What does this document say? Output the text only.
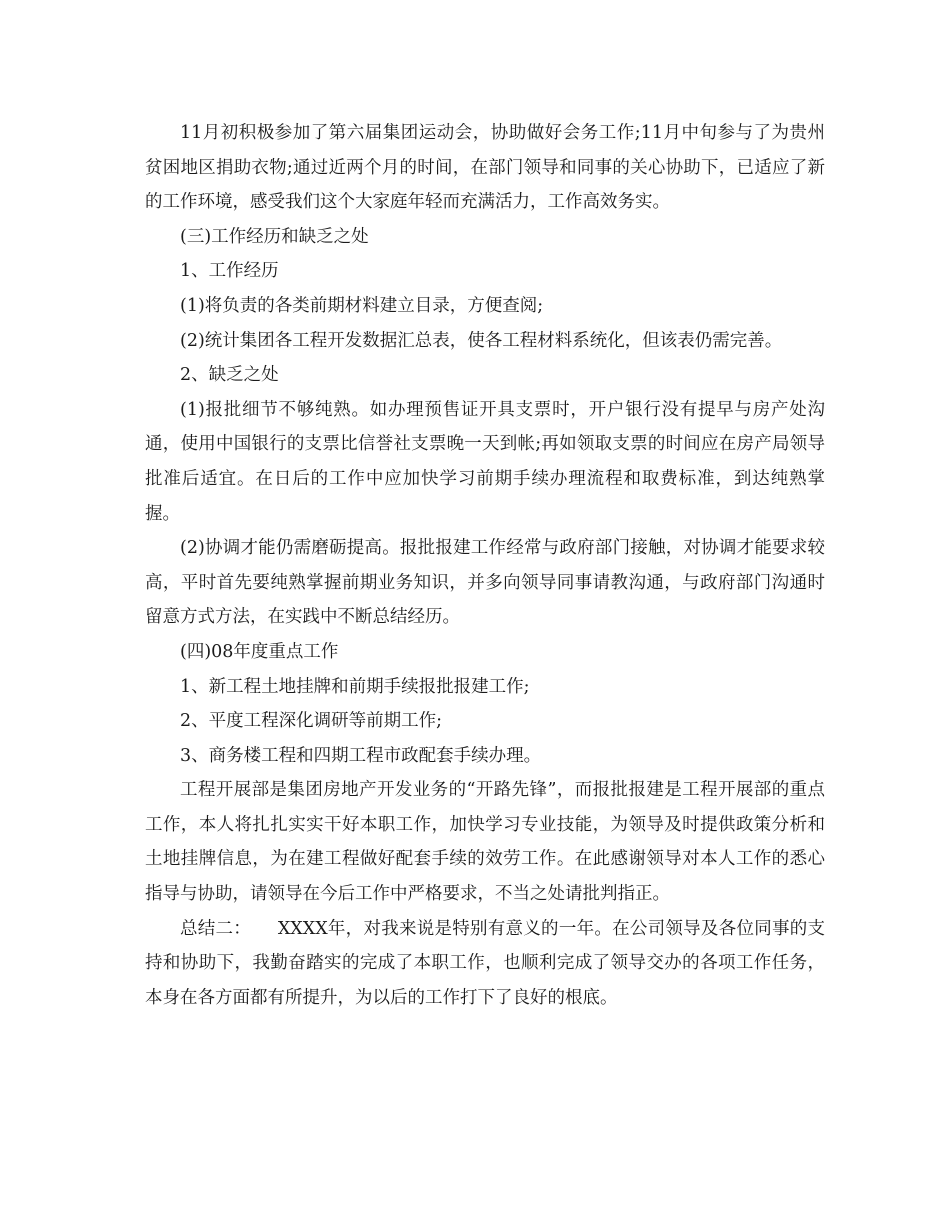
11月初积极参加了第六届集团运动会，协助做好会务工作;11月中旬参与了为贵州贫困地区捐助衣物;通过近两个月的时间，在部门领导和同事的关心协助下，已适应了新的工作环境，感受我们这个大家庭年轻而充满活力，工作高效务实。

(三)工作经历和缺乏之处

1、工作经历

(1)将负责的各类前期材料建立目录，方便查阅;

(2)统计集团各工程开发数据汇总表，使各工程材料系统化，但该表仍需完善。

2、缺乏之处

(1)报批细节不够纯熟。如办理预售证开具支票时，开户银行没有提早与房产处沟通，使用中国银行的支票比信誉社支票晚一天到帐;再如领取支票的时间应在房产局领导批准后适宜。在日后的工作中应加快学习前期手续办理流程和取费标准，到达纯熟掌握。

(2)协调才能仍需磨砺提高。报批报建工作经常与政府部门接触，对协调才能要求较高，平时首先要纯熟掌握前期业务知识，并多向领导同事请教沟通，与政府部门沟通时留意方式方法，在实践中不断总结经历。

(四)08年度重点工作

1、新工程土地挂牌和前期手续报批报建工作;

2、平度工程深化调研等前期工作;

3、商务楼工程和四期工程市政配套手续办理。

工程开展部是集团房地产开发业务的“开路先锋”，而报批报建是工程开展部的重点工作，本人将扎扎实实干好本职工作，加快学习专业技能，为领导及时提供政策分析和土地挂牌信息，为在建工程做好配套手续的效劳工作。在此感谢领导对本人工作的悉心指导与协助，请领导在今后工作中严格要求，不当之处请批判指正。

总结二：　　XXXX年，对我来说是特别有意义的一年。在公司领导及各位同事的支持和协助下，我勤奋踏实的完成了本职工作，也顺利完成了领导交办的各项工作任务，本身在各方面都有所提升，为以后的工作打下了良好的根底。
